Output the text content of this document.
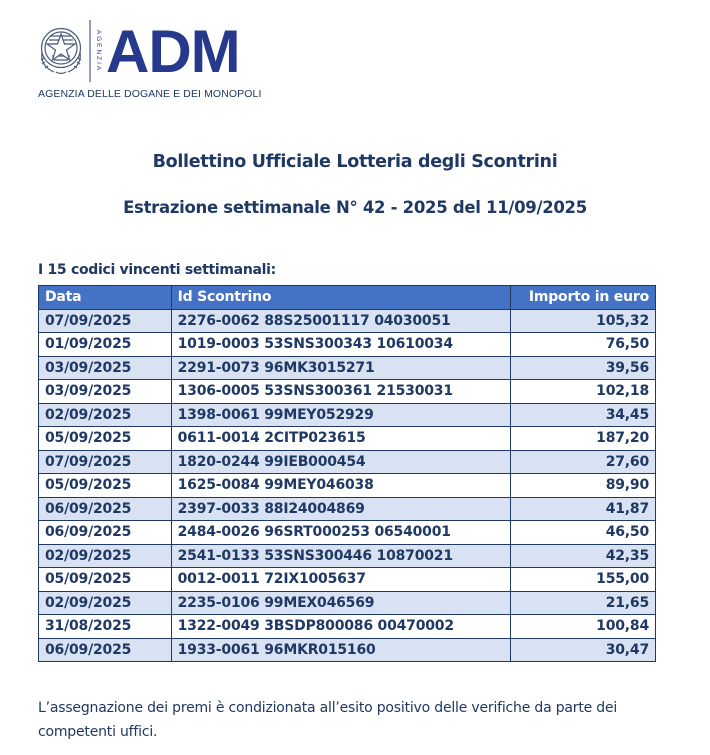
AGENZIA ADM
AGENZIA DELLE DOGANE E DEI MONOPOLI
Bollettino Ufficiale Lotteria degli Scontrini
Estrazione settimanale N° 42 - 2025 del 11/09/2025
I 15 codici vincenti settimanali:
Data	Id Scontrino	Importo in euro
07/09/2025	2276-0062 88S25001117 04030051	105,32
01/09/2025	1019-0003 53SNS300343 10610034	76,50
03/09/2025	2291-0073 96MK3015271	39,56
03/09/2025	1306-0005 53SNS300361 21530031	102,18
02/09/2025	1398-0061 99MEY052929	34,45
05/09/2025	0611-0014 2CITP023615	187,20
07/09/2025	1820-0244 99IEB000454	27,60
05/09/2025	1625-0084 99MEY046038	89,90
06/09/2025	2397-0033 88I24004869	41,87
06/09/2025	2484-0026 96SRT000253 06540001	46,50
02/09/2025	2541-0133 53SNS300446 10870021	42,35
05/09/2025	0012-0011 72IX1005637	155,00
02/09/2025	2235-0106 99MEX046569	21,65
31/08/2025	1322-0049 3BSDP800086 00470002	100,84
06/09/2025	1933-0061 96MKR015160	30,47
L’assegnazione dei premi è condizionata all’esito positivo delle verifiche da parte dei competenti uffici.
